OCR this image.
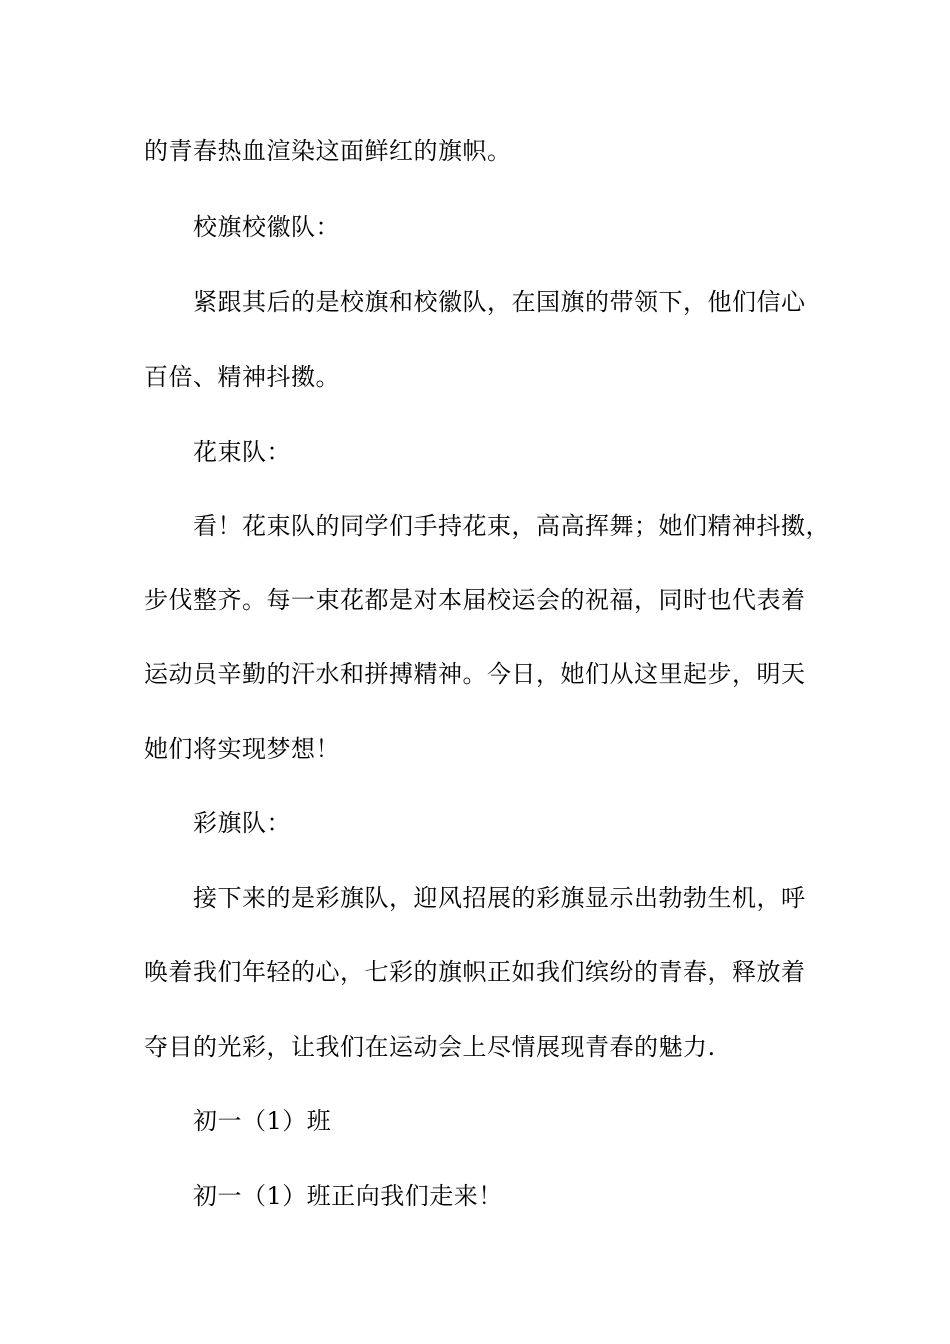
的青春热血渲染这面鲜红的旗帜。
校旗校徽队：
紧跟其后的是校旗和校徽队，在国旗的带领下，他们信心
百倍、精神抖擞。
花束队：
看！花束队的同学们手持花束，高高挥舞；她们精神抖擞，
步伐整齐。每一束花都是对本届校运会的祝福，同时也代表着
运动员辛勤的汗水和拼搏精神。今日，她们从这里起步，明天
她们将实现梦想！
彩旗队：
接下来的是彩旗队，迎风招展的彩旗显示出勃勃生机，呼
唤着我们年轻的心，七彩的旗帜正如我们缤纷的青春，释放着
夺目的光彩，让我们在运动会上尽情展现青春的魅力.
初一（1）班
初一（1）班正向我们走来！
